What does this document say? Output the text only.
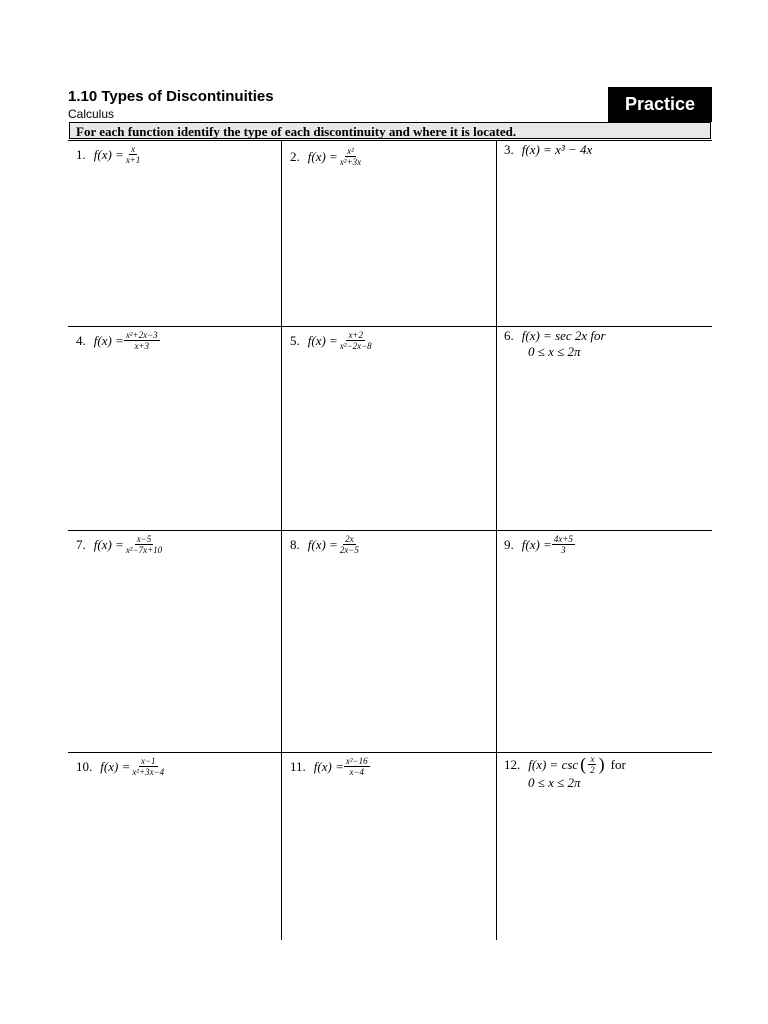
1.10 Types of Discontinuities
Calculus	Practice
For each function identify the type of each discontinuity and where it is located.
1. $f(x) = \frac{x}{x+1}$	2. $f(x) = \frac{\text{x²}}{\text{x²+3x}}$	3. f(x) = x³ − 4x
4. $f(x) = \frac{\text{x²+2x−3}}{x+3}$	5. $f(x) = \frac{x+2}{\text{x²−2x−8}}$	6. f(x) = sec 2x for
0 ≤ x ≤ 2π
7. $f(x) = \frac{x-5}{\text{x²−7x+10}}$	8. $f(x) = \frac{2x}{2x-5}$	9. $f(x) = \frac{4x+5}{3}$
10. $f(x) = \frac{x-1}{\text{x²+3x−4}}$	11. $f(x) = \frac{\text{x²−16}}{x-4}$	12. f(x) = csc ( $\frac{x}{2}$ ) for
0 ≤ x ≤ 2π
